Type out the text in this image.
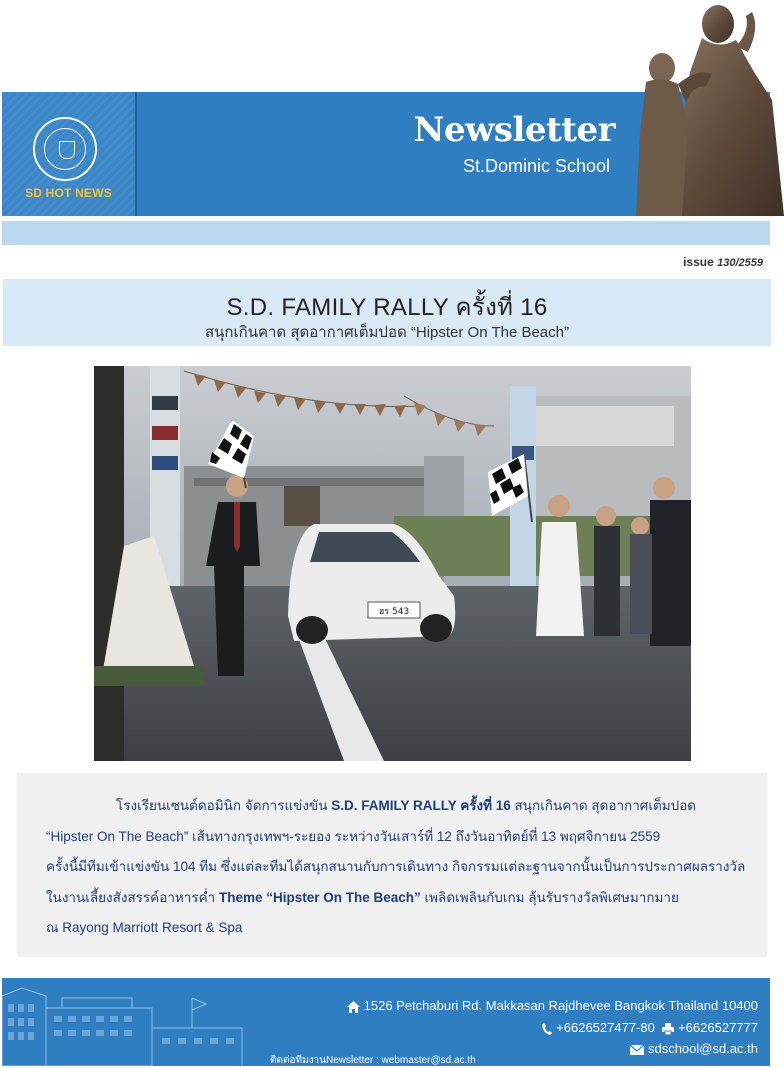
SD HOT NEWS
Newsletter
St.Dominic School
issue 130/2559
S.D. FAMILY RALLY ครั้งที่ 16
สนุกเกินคาด สุดอากาศเต็มปอด “Hipster On The Beach”
ฮร 543

โรงเรียนเซนต์ดอมินิก จัดการแข่งขัน S.D. FAMILY RALLY ครั้งที่ 16 สนุกเกินคาด สุดอากาศเต็มปอด

“Hipster On The Beach” เส้นทางกรุงเทพฯ-ระยอง ระหว่างวันเสาร์ที่ 12 ถึงวันอาทิตย์ที่ 13 พฤศจิกายน 2559

ครั้งนี้มีทีมเข้าแข่งขัน 104 ทีม ซึ่งแต่ละทีมได้สนุกสนานกับการเดินทาง กิจกรรมแต่ละฐานจากนั้นเป็นการประกาศผลรางวัล

ในงานเลี้ยงสังสรรค์อาหารค่ำ Theme “Hipster On The Beach” เพลิดเพลินกับเกม ลุ้นรับรางวัลพิเศษมากมาย

ณ Rayong Marriott Resort & Spa

1526 Petchaburi Rd. Makkasan Rajdhevee Bangkok Thailand 10400
+6626527477-80 +6626527777
sdschool@sd.ac.th
ติดต่อทีมงานNewsletter : webmaster@sd.ac.th
